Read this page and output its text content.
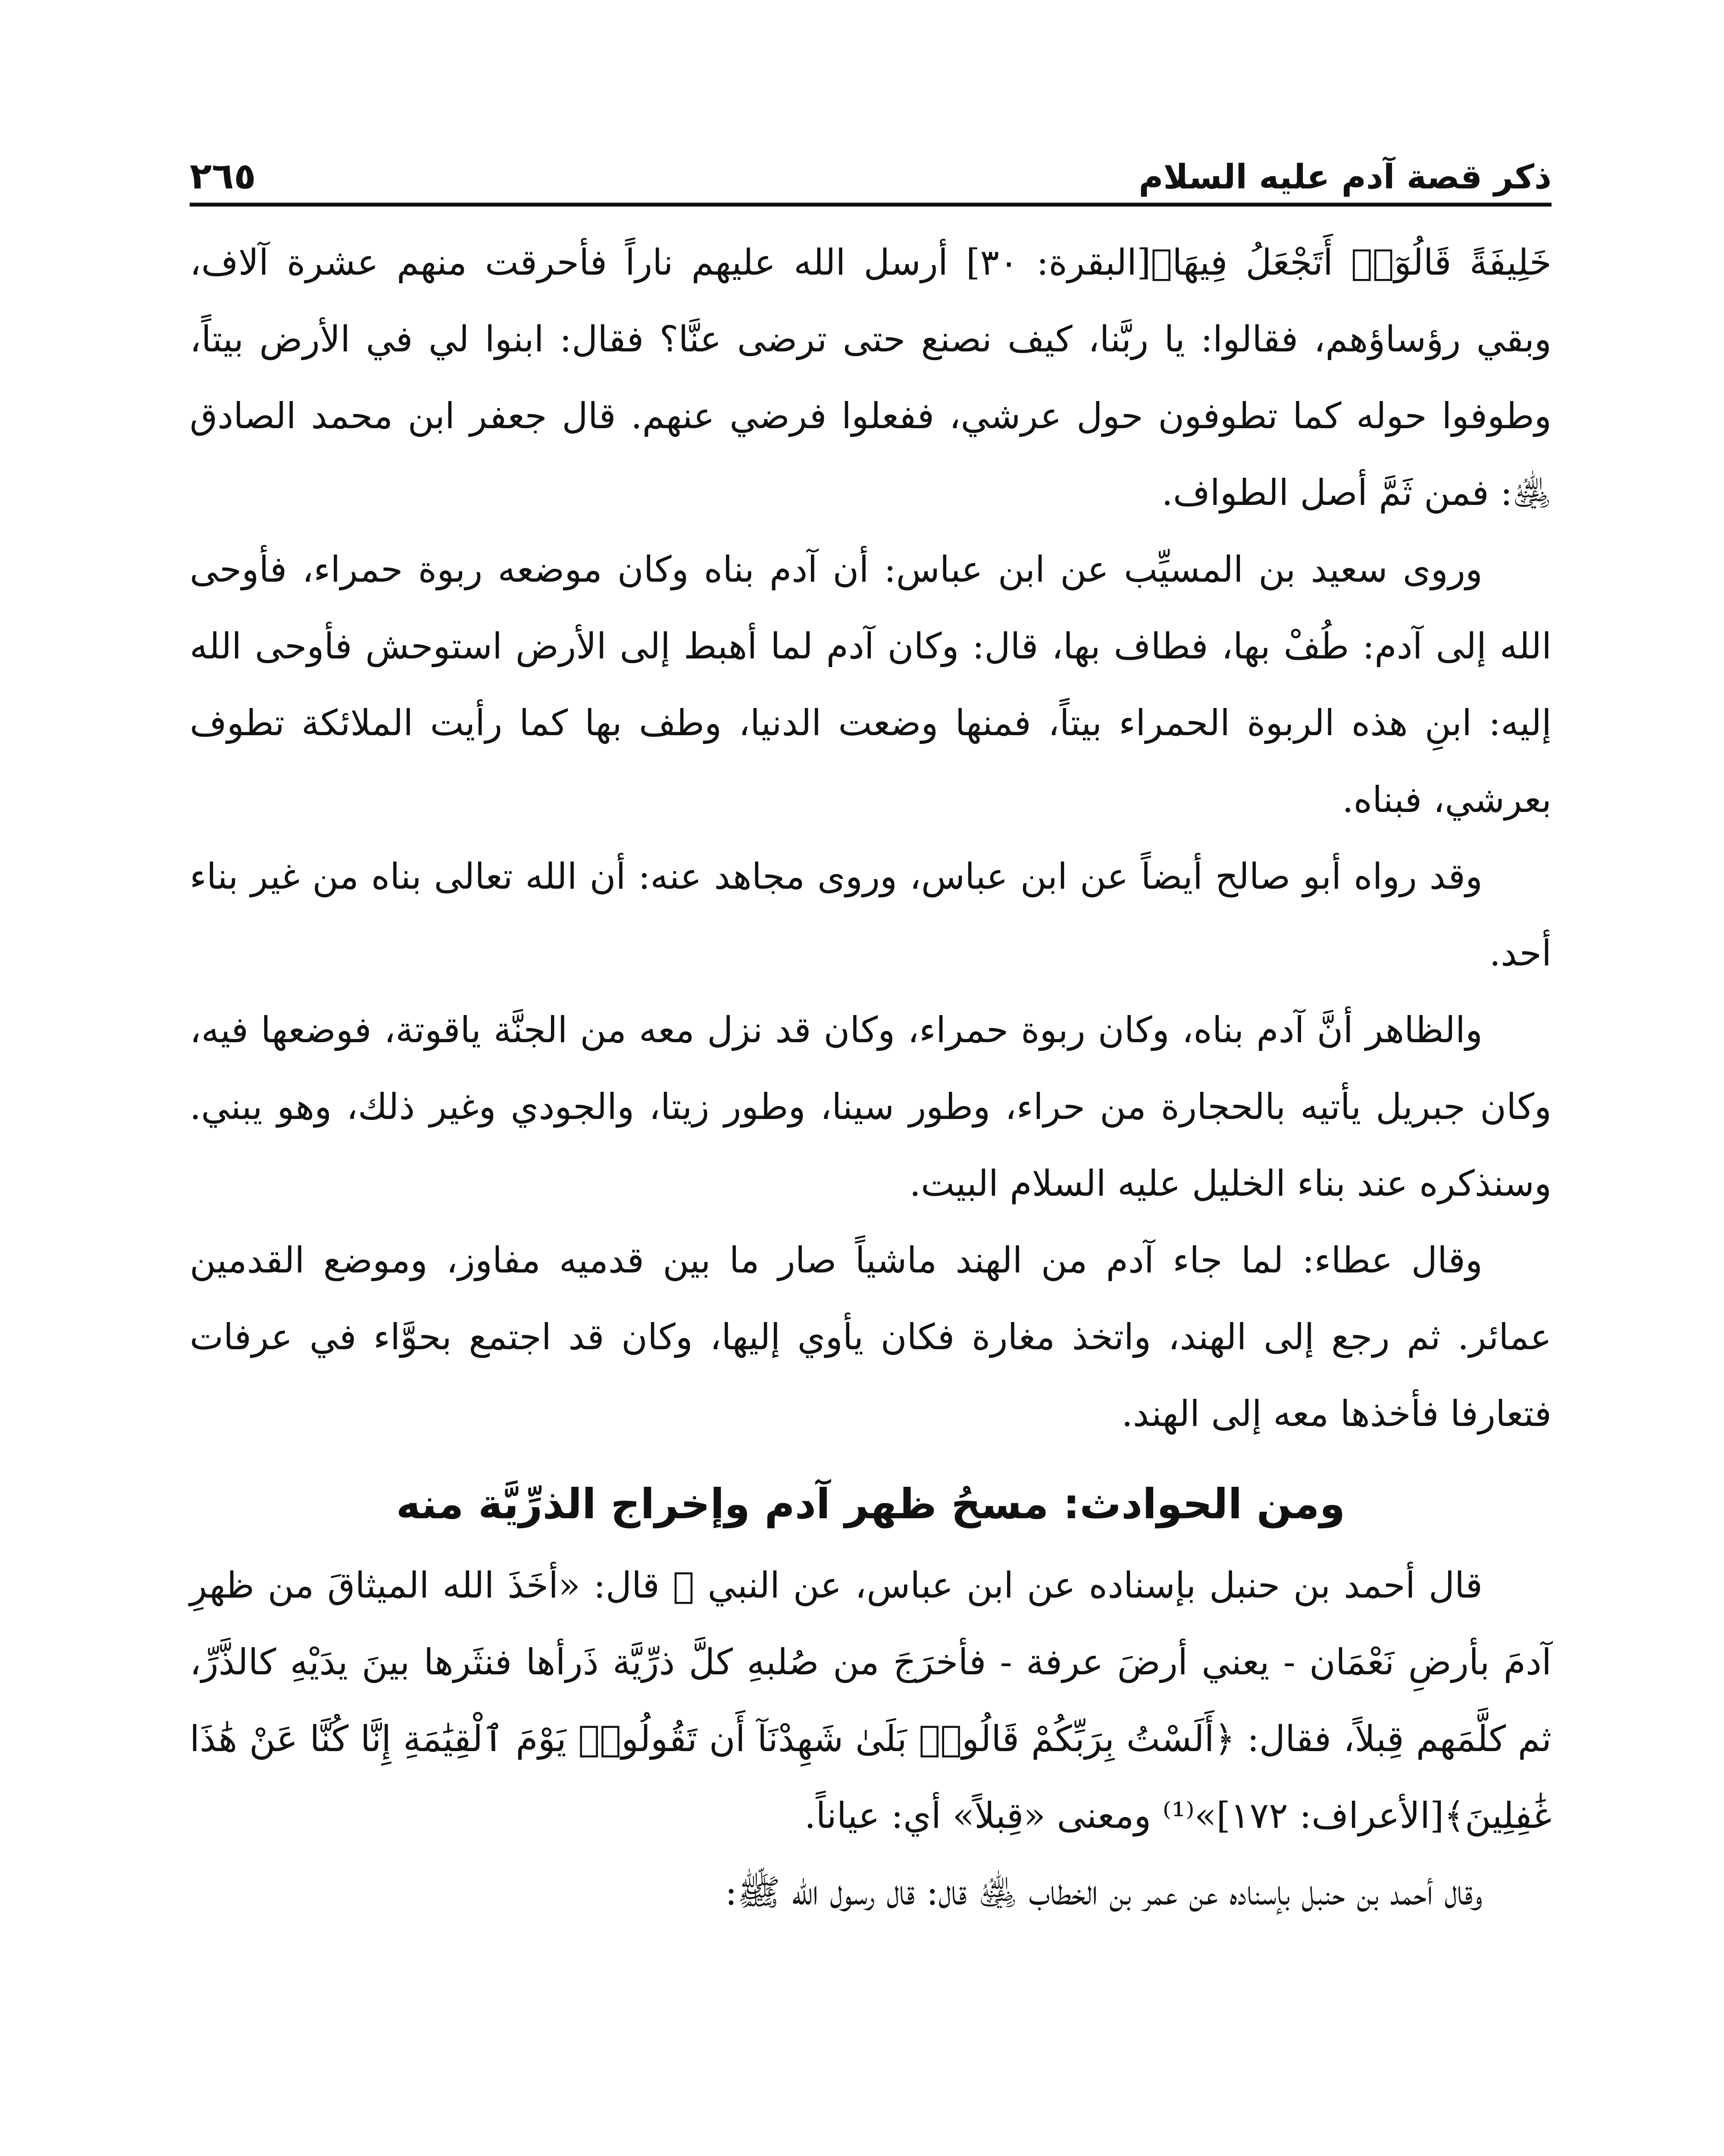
ذكر قصة آدم عليه السلام
٢٦٥

خَلِيفَةً قَالُوٓا۟ أَتَجْعَلُ فِيهَا﴾[البقرة: ٣٠] أرسل الله عليهم ناراً فأحرقت منهم عشرة آلاف، وبقي رؤساؤهم، فقالوا: يا ربَّنا، كيف نصنع حتى ترضى عنَّا؟ فقال: ابنوا لي في الأرض بيتاً، وطوفوا حوله كما تطوفون حول عرشي، ففعلوا فرضي عنهم. قال جعفر ابن محمد الصادق ﵁: فمن ثَمَّ أصل الطواف.

وروى سعيد بن المسيِّب عن ابن عباس: أن آدم بناه وكان موضعه ربوة حمراء، فأوحى الله إلى آدم: طُفْ بها، فطاف بها، قال: وكان آدم لما أهبط إلى الأرض استوحش فأوحى الله إليه: ابنِ هذه الربوة الحمراء بيتاً، فمنها وضعت الدنيا، وطف بها كما رأيت الملائكة تطوف بعرشي، فبناه.

وقد رواه أبو صالح أيضاً عن ابن عباس، وروى مجاهد عنه: أن الله تعالى بناه من غير بناء أحد.

والظاهر أنَّ آدم بناه، وكان ربوة حمراء، وكان قد نزل معه من الجنَّة ياقوتة، فوضعها فيه، وكان جبريل يأتيه بالحجارة من حراء، وطور سينا، وطور زيتا، والجودي وغير ذلك، وهو يبني. وسنذكره عند بناء الخليل عليه السلام البيت.

وقال عطاء: لما جاء آدم من الهند ماشياً صار ما بين قدميه مفاوز، وموضع القدمين عمائر. ثم رجع إلى الهند، واتخذ مغارة فكان يأوي إليها، وكان قد اجتمع بحوَّاء في عرفات فتعارفا فأخذها معه إلى الهند.

ومن الحوادث: مسحُ ظهر آدم وإخراج الذرِّيَّة منه

قال أحمد بن حنبل بإسناده عن ابن عباس، عن النبي ﷺ قال: «أخَذَ الله الميثاقَ من ظهرِ آدمَ بأرضِ نَعْمَان - يعني أرضَ عرفة - فأخرَجَ من صُلبهِ كلَّ ذرِّيَّة ذَرأها فنثَرها بينَ يدَيْهِ كالذَّرِّ، ثم كلَّمَهم قِبلاً، فقال: ﴿أَلَسْتُ بِرَبِّكُمْ قَالُوا۟ بَلَىٰ شَهِدْنَآ أَن تَقُولُوا۟ يَوْمَ ٱلْقِيَٰمَةِ إِنَّا كُنَّا عَنْ هَٰذَا غَٰفِلِينَ﴾[الأعراف: ١٧٢]»⁽¹⁾ ومعنى «قِبلاً» أي: عياناً.

وقال أحمد بن حنبل بإسناده عن عمر بن الخطاب ﵁ قال: قال رسول الله ﷺ:
